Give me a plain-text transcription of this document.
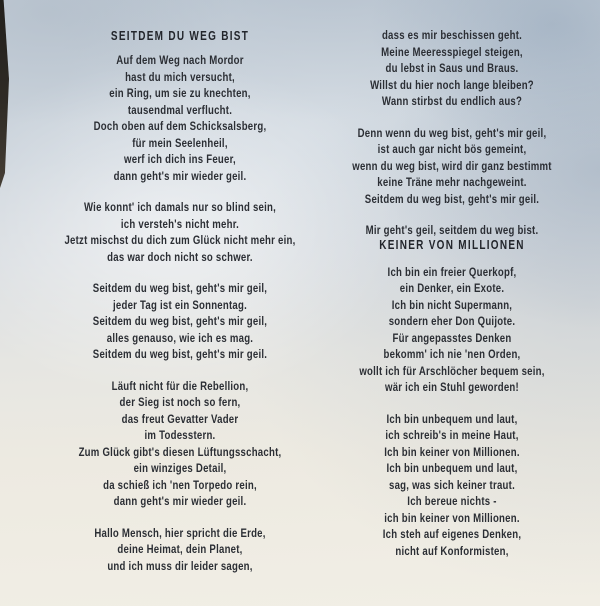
SEITDEM DU WEG BIST
Auf dem Weg nach Mordor
hast du mich versucht,
ein Ring, um sie zu knechten,
tausendmal verflucht.
Doch oben auf dem Schicksalsberg,
für mein Seelenheil,
werf ich dich ins Feuer,
dann geht's mir wieder geil.
Wie konnt' ich damals nur so blind sein,
ich versteh's nicht mehr.
Jetzt mischst du dich zum Glück nicht mehr ein,
das war doch nicht so schwer.
Seitdem du weg bist, geht's mir geil,
jeder Tag ist ein Sonnentag.
Seitdem du weg bist, geht's mir geil,
alles genauso, wie ich es mag.
Seitdem du weg bist, geht's mir geil.
Läuft nicht für die Rebellion,
der Sieg ist noch so fern,
das freut Gevatter Vader
im Todesstern.
Zum Glück gibt's diesen Lüftungsschacht,
ein winziges Detail,
da schieß ich 'nen Torpedo rein,
dann geht's mir wieder geil.
Hallo Mensch, hier spricht die Erde,
deine Heimat, dein Planet,
und ich muss dir leider sagen,
dass es mir beschissen geht.
Meine Meeresspiegel steigen,
du lebst in Saus und Braus.
Willst du hier noch lange bleiben?
Wann stirbst du endlich aus?
Denn wenn du weg bist, geht's mir geil,
ist auch gar nicht bös gemeint,
wenn du weg bist, wird dir ganz bestimmt
keine Träne mehr nachgeweint.
Seitdem du weg bist, geht's mir geil.
Mir geht's geil, seitdem du weg bist.
KEINER VON MILLIONEN
Ich bin ein freier Querkopf,
ein Denker, ein Exote.
Ich bin nicht Supermann,
sondern eher Don Quijote.
Für angepasstes Denken
bekomm' ich nie 'nen Orden,
wollt ich für Arschlöcher bequem sein,
wär ich ein Stuhl geworden!
Ich bin unbequem und laut,
ich schreib's in meine Haut,
Ich bin keiner von Millionen.
Ich bin unbequem und laut,
sag, was sich keiner traut.
Ich bereue nichts -
ich bin keiner von Millionen.
Ich steh auf eigenes Denken,
nicht auf Konformisten,
